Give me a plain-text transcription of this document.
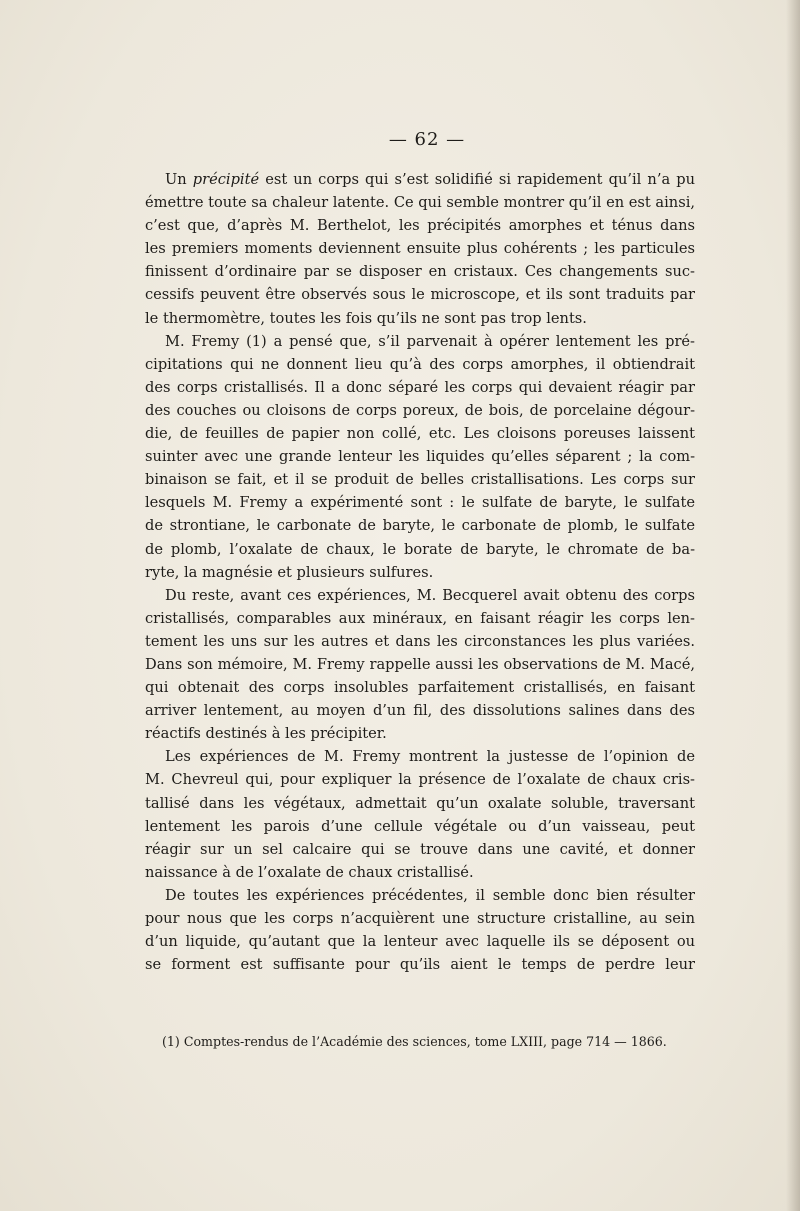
— 62 —
Un précipité est un corps qui s’est solidifié si rapidement qu’il n’a pu
émettre toute sa chaleur latente. Ce qui semble montrer qu’il en est ainsi,
c’est que, d’après M. Berthelot, les précipités amorphes et ténus dans
les premiers moments deviennent ensuite plus cohérents ; les particules
finissent d’ordinaire par se disposer en cristaux. Ces changements suc-
cessifs peuvent être observés sous le microscope, et ils sont traduits par
le thermomètre, toutes les fois qu’ils ne sont pas trop lents.
M. Fremy (1) a pensé que, s’il parvenait à opérer lentement les pré-
cipitations qui ne donnent lieu qu’à des corps amorphes, il obtiendrait
des corps cristallisés. Il a donc séparé les corps qui devaient réagir par
des couches ou cloisons de corps poreux, de bois, de porcelaine dégour-
die, de feuilles de papier non collé, etc. Les cloisons poreuses laissent
suinter avec une grande lenteur les liquides qu’elles séparent ; la com-
binaison se fait, et il se produit de belles cristallisations. Les corps sur
lesquels M. Fremy a expérimenté sont : le sulfate de baryte, le sulfate
de strontiane, le carbonate de baryte, le carbonate de plomb, le sulfate
de plomb, l’oxalate de chaux, le borate de baryte, le chromate de ba-
ryte, la magnésie et plusieurs sulfures.
Du reste, avant ces expériences, M. Becquerel avait obtenu des corps
cristallisés, comparables aux minéraux, en faisant réagir les corps len-
tement les uns sur les autres et dans les circonstances les plus variées.
Dans son mémoire, M. Fremy rappelle aussi les observations de M. Macé,
qui obtenait des corps insolubles parfaitement cristallisés, en faisant
arriver lentement, au moyen d’un fil, des dissolutions salines dans des
réactifs destinés à les précipiter.
Les expériences de M. Fremy montrent la justesse de l’opinion de
M. Chevreul qui, pour expliquer la présence de l’oxalate de chaux cris-
tallisé dans les végétaux, admettait qu’un oxalate soluble, traversant
lentement les parois d’une cellule végétale ou d’un vaisseau, peut
réagir sur un sel calcaire qui se trouve dans une cavité, et donner
naissance à de l’oxalate de chaux cristallisé.
De toutes les expériences précédentes, il semble donc bien résulter
pour nous que les corps n’acquièrent une structure cristalline, au sein
d’un liquide, qu’autant que la lenteur avec laquelle ils se déposent ou
se forment est suffisante pour qu’ils aient le temps de perdre leur
(1) Comptes-rendus de l’Académie des sciences, tome LXIII, page 714 — 1866.
